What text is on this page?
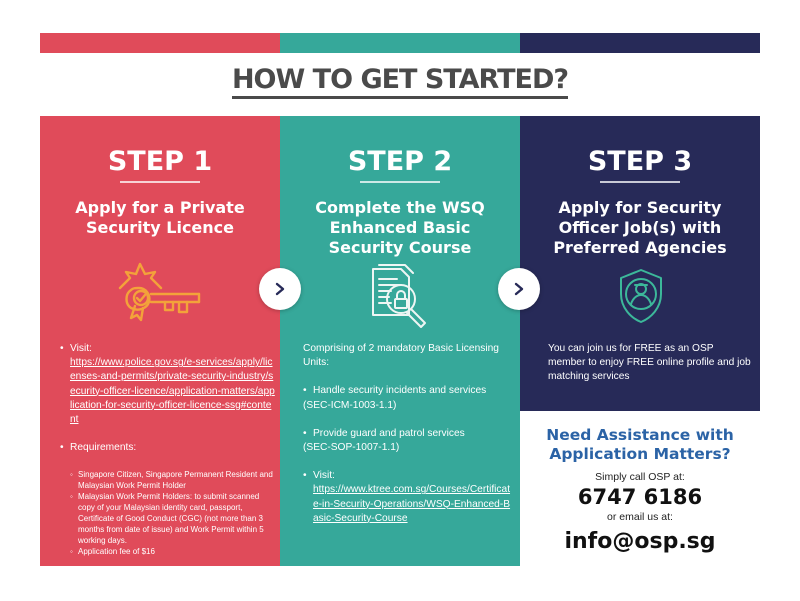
HOW TO GET STARTED?
STEP 1
Apply for a Private Security Licence

• Visit:

https://www.police.gov.sg/e-services/apply/licenses-and-permits/private-security-industry/security-officer-licence/application-matters/application-for-security-officer-licence-ssg#content

• Requirements:

◦ Singapore Citizen, Singapore Permanent Resident and Malaysian Work Permit Holder
◦ Malaysian Work Permit Holders: to submit scanned copy of your Malaysian identity card, passport, Certificate of Good Conduct (CGC) (not more than 3 months from date of issue) and Work Permit within 5 working days.
◦ Application fee of $16

STEP 2
Complete the WSQ Enhanced Basic Security Course

Comprising of 2 mandatory Basic Licensing Units:

• Handle security incidents and services
(SEC-ICM-1003-1.1)

• Provide guard and patrol services
(SEC-SOP-1007-1.1)

• Visit:

https://www.ktree.com.sg/Courses/Certificate-in-Security-Operations/WSQ-Enhanced-Basic-Security-Course

STEP 3
Apply for Security Officer Job(s) with Preferred Agencies
You can join us for FREE as an OSP member to enjoy FREE online profile and job matching services
Need Assistance with Application Matters?
Simply call OSP at:
6747 6186
or email us at:
info@osp.sg
